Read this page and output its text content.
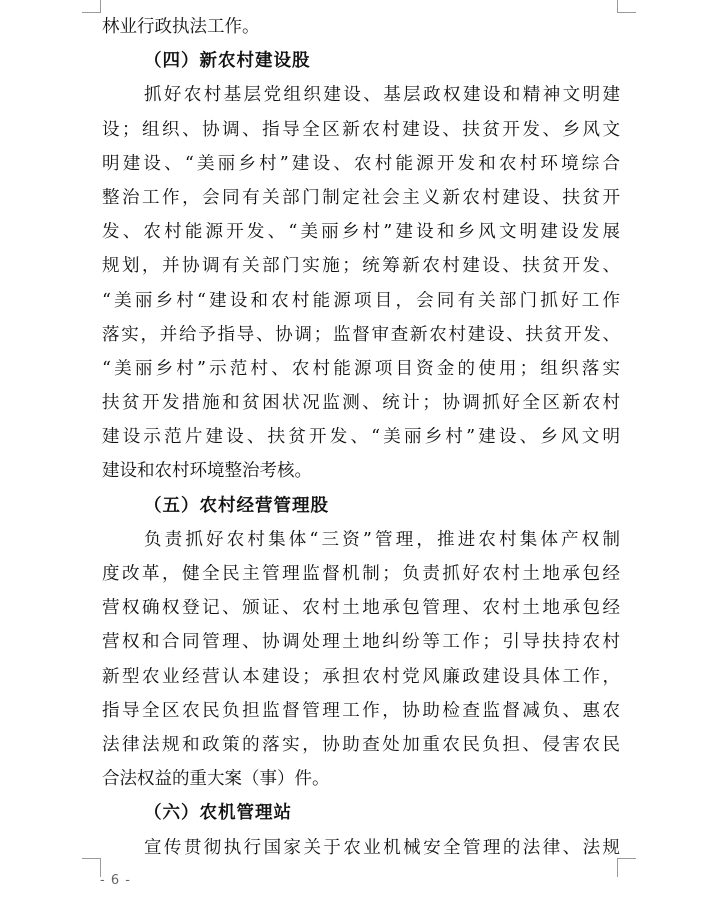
林业行政执法工作。
（四）新农村建设股
抓好农村基层党组织建设、基层政权建设和精神文明建
设；组织、协调、指导全区新农村建设、扶贫开发、乡风文
明建设、“美丽乡村”建设、农村能源开发和农村环境综合
整治工作，会同有关部门制定社会主义新农村建设、扶贫开
发、农村能源开发、“美丽乡村”建设和乡风文明建设发展
规划，并协调有关部门实施；统筹新农村建设、扶贫开发、
“美丽乡村“建设和农村能源项目，会同有关部门抓好工作
落实，并给予指导、协调；监督审查新农村建设、扶贫开发、
“美丽乡村”示范村、农村能源项目资金的使用；组织落实
扶贫开发措施和贫困状况监测、统计；协调抓好全区新农村
建设示范片建设、扶贫开发、“美丽乡村”建设、乡风文明
建设和农村环境整治考核。
（五）农村经营管理股
负责抓好农村集体“三资”管理，推进农村集体产权制
度改革，健全民主管理监督机制；负责抓好农村土地承包经
营权确权登记、颁证、农村土地承包管理、农村土地承包经
营权和合同管理、协调处理土地纠纷等工作；引导扶持农村
新型农业经营认本建设；承担农村党风廉政建设具体工作，
指导全区农民负担监督管理工作，协助检查监督减负、惠农
法律法规和政策的落实，协助查处加重农民负担、侵害农民
合法权益的重大案（事）件。
（六）农机管理站
宣传贯彻执行国家关于农业机械安全管理的法律、法规
- 6 -
